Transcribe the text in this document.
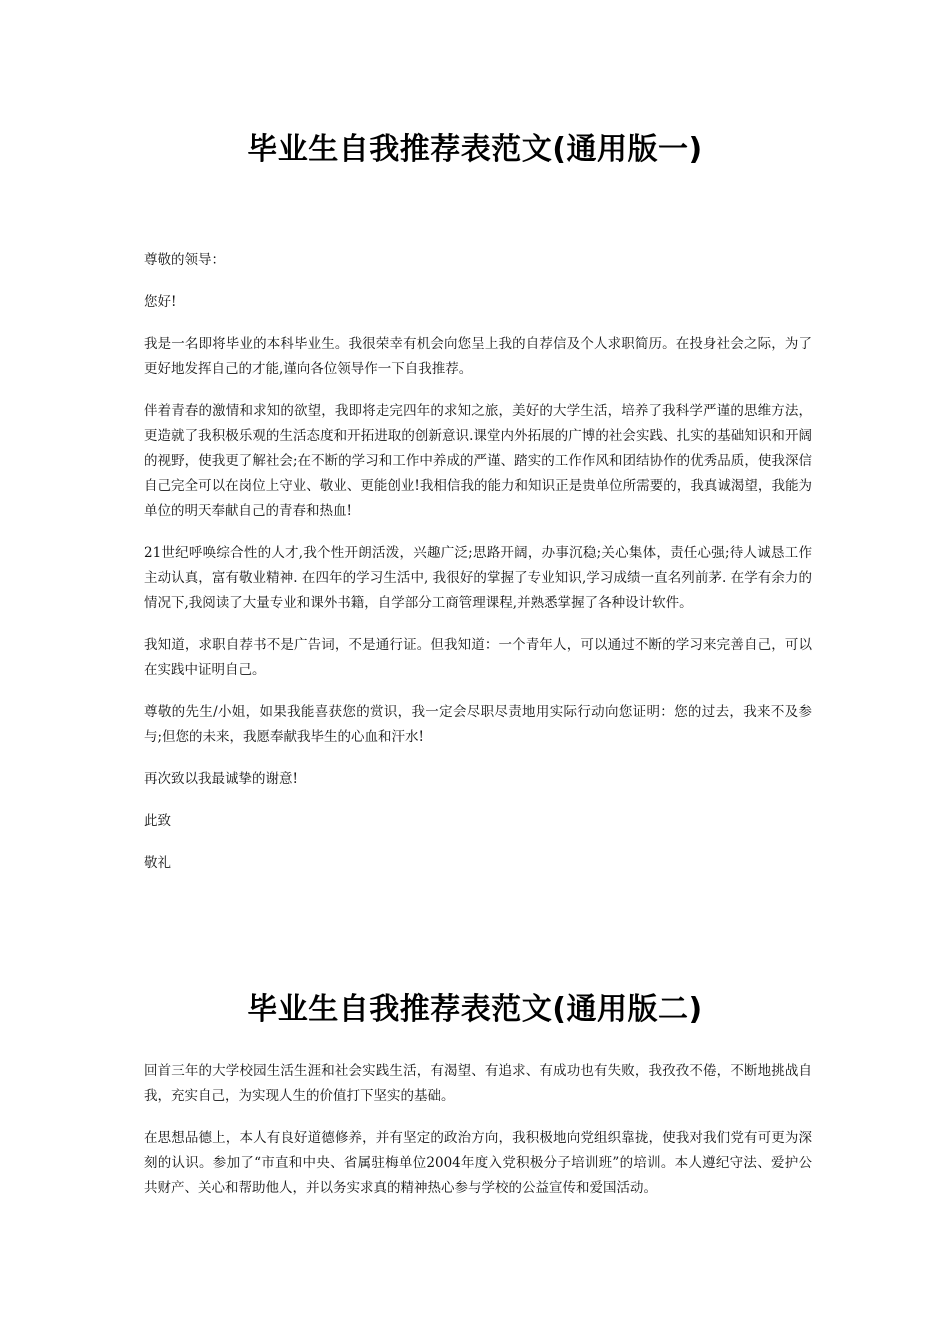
毕业生自我推荐表范文(通用版一)

尊敬的领导：

您好!

我是一名即将毕业的本科毕业生。我很荣幸有机会向您呈上我的自荐信及个人求职简历。在投身社会之际，为了更好地发挥自己的才能,谨向各位领导作一下自我推荐。

伴着青春的激情和求知的欲望，我即将走完四年的求知之旅，美好的大学生活，培养了我科学严谨的思维方法，更造就了我积极乐观的生活态度和开拓进取的创新意识.课堂内外拓展的广博的社会实践、扎实的基础知识和开阔的视野，使我更了解社会;在不断的学习和工作中养成的严谨、踏实的工作作风和团结协作的优秀品质，使我深信自己完全可以在岗位上守业、敬业、更能创业!我相信我的能力和知识正是贵单位所需要的，我真诚渴望，我能为单位的明天奉献自己的青春和热血!

21世纪呼唤综合性的人才,我个性开朗活泼，兴趣广泛;思路开阔，办事沉稳;关心集体，责任心强;待人诚恳工作主动认真，富有敬业精神. 在四年的学习生活中, 我很好的掌握了专业知识,学习成绩一直名列前茅. 在学有余力的情况下,我阅读了大量专业和课外书籍，自学部分工商管理课程,并熟悉掌握了各种设计软件。

我知道，求职自荐书不是广告词，不是通行证。但我知道：一个青年人，可以通过不断的学习来完善自己，可以在实践中证明自己。

尊敬的先生/小姐，如果我能喜获您的赏识，我一定会尽职尽责地用实际行动向您证明：您的过去，我来不及参与;但您的未来，我愿奉献我毕生的心血和汗水!

再次致以我最诚挚的谢意!

此致

敬礼

毕业生自我推荐表范文(通用版二)

回首三年的大学校园生活生涯和社会实践生活，有渴望、有追求、有成功也有失败，我孜孜不倦，不断地挑战自我，充实自己，为实现人生的价值打下坚实的基础。

在思想品德上，本人有良好道德修养，并有坚定的政治方向，我积极地向党组织靠拢，使我对我们党有可更为深刻的认识。参加了“市直和中央、省属驻梅单位2004年度入党积极分子培训班”的培训。本人遵纪守法、爱护公共财产、关心和帮助他人，并以务实求真的精神热心参与学校的公益宣传和爱国活动。
